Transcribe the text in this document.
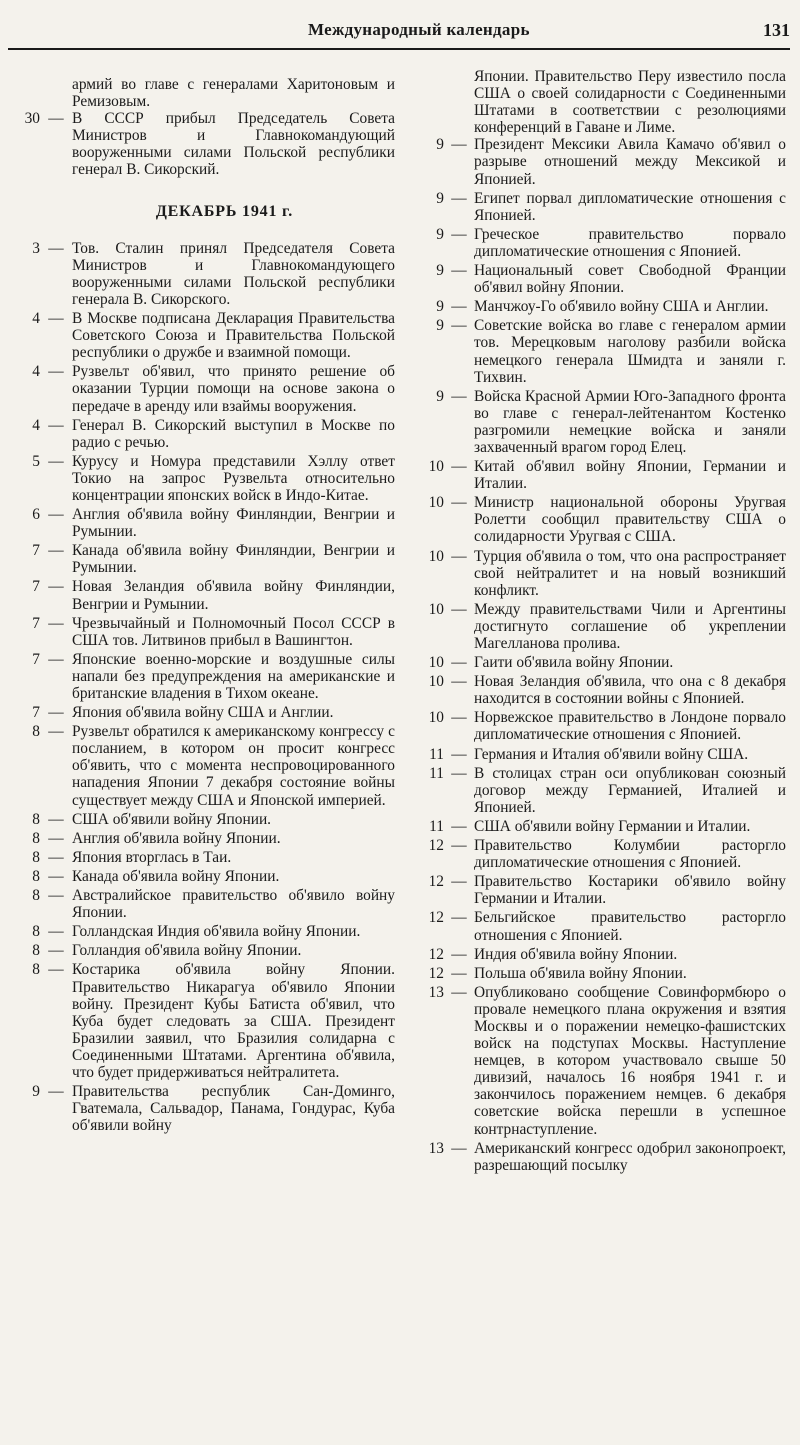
Международный календарь	131
армий во главе с генералами Харитоновым и Ремизовым.
30 — В СССР прибыл Председатель Совета Министров и Главнокомандующий вооруженными силами Польской республики генерал В. Сикорский.
ДЕКАБРЬ 1941 г.
3 — Тов. Сталин принял Председателя Совета Министров и Главнокомандующего вооруженными силами Польской республики генерала В. Сикорского.
4 — В Москве подписана Декларация Правительства Советского Союза и Правительства Польской республики о дружбе и взаимной помощи.
4 — Рузвельт об'явил, что принято решение об оказании Турции помощи на основе закона о передаче в аренду или взаймы вооружения.
4 — Генерал В. Сикорский выступил в Москве по радио с речью.
5 — Курусу и Номура представили Хэллу ответ Токио на запрос Рузвельта относительно концентрации японских войск в Индо-Китае.
6 — Англия об'явила войну Финляндии, Венгрии и Румынии.
7 — Канада об'явила войну Финляндии, Венгрии и Румынии.
7 — Новая Зеландия об'явила войну Финляндии, Венгрии и Румынии.
7 — Чрезвычайный и Полномочный Посол СССР в США тов. Литвинов прибыл в Вашингтон.
7 — Японские военно-морские и воздушные силы напали без предупреждения на американские и британские владения в Тихом океане.
7 — Япония об'явила войну США и Англии.
8 — Рузвельт обратился к американскому конгрессу с посланием, в котором он просит конгресс об'явить, что с момента неспровоцированного нападения Японии 7 декабря состояние войны существует между США и Японской империей.
8 — США об'явили войну Японии.
8 — Англия об'явила войну Японии.
8 — Япония вторглась в Таи.
8 — Канада об'явила войну Японии.
8 — Австралийское правительство об'явило войну Японии.
8 — Голландская Индия об'явила войну Японии.
8 — Голландия об'явила войну Японии.
8 — Костарика об'явила войну Японии. Правительство Никарагуа об'явило Японии войну. Президент Кубы Батиста об'явил, что Куба будет следовать за США. Президент Бразилии заявил, что Бразилия солидарна с Соединенными Штатами. Аргентина об'явила, что будет придерживаться нейтралитета.
9 — Правительства республик Сан-Доминго, Гватемала, Сальвадор, Панама, Гондурас, Куба об'явили войну
Японии. Правительство Перу известило посла США о своей солидарности с Соединенными Штатами в соответствии с резолюциями конференций в Гаване и Лиме.
9 — Президент Мексики Авила Камачо об'явил о разрыве отношений между Мексикой и Японией.
9 — Египет порвал дипломатические отношения с Японией.
9 — Греческое правительство порвало дипломатические отношения с Японией.
9 — Национальный совет Свободной Франции об'явил войну Японии.
9 — Манчжоу-Го об'явило войну США и Англии.
9 — Советские войска во главе с генералом армии тов. Мерецковым наголову разбили войска немецкого генерала Шмидта и заняли г. Тихвин.
9 — Войска Красной Армии Юго-Западного фронта во главе с генерал-лейтенантом Костенко разгромили немецкие войска и заняли захваченный врагом город Елец.
10 — Китай об'явил войну Японии, Германии и Италии.
10 — Министр национальной обороны Уругвая Ролетти сообщил правительству США о солидарности Уругвая с США.
10 — Турция об'явила о том, что она распространяет свой нейтралитет и на новый возникший конфликт.
10 — Между правительствами Чили и Аргентины достигнуто соглашение об укреплении Магелланова пролива.
10 — Гаити об'явила войну Японии.
10 — Новая Зеландия об'явила, что она с 8 декабря находится в состоянии войны с Японией.
10 — Норвежское правительство в Лондоне порвало дипломатические отношения с Японией.
11 — Германия и Италия об'явили войну США.
11 — В столицах стран оси опубликован союзный договор между Германией, Италией и Японией.
11 — США об'явили войну Германии и Италии.
12 — Правительство Колумбии расторгло дипломатические отношения с Японией.
12 — Правительство Костарики об'явило войну Германии и Италии.
12 — Бельгийское правительство расторгло отношения с Японией.
12 — Индия об'явила войну Японии.
12 — Польша об'явила войну Японии.
13 — Опубликовано сообщение Совинформбюро о провале немецкого плана окружения и взятия Москвы и о поражении немецко-фашистских войск на подступах Москвы. Наступление немцев, в котором участвовало свыше 50 дивизий, началось 16 ноября 1941 г. и закончилось поражением немцев. 6 декабря советские войска перешли в успешное контрнаступление.
13 — Американский конгресс одобрил законопроект, разрешающий посылку
